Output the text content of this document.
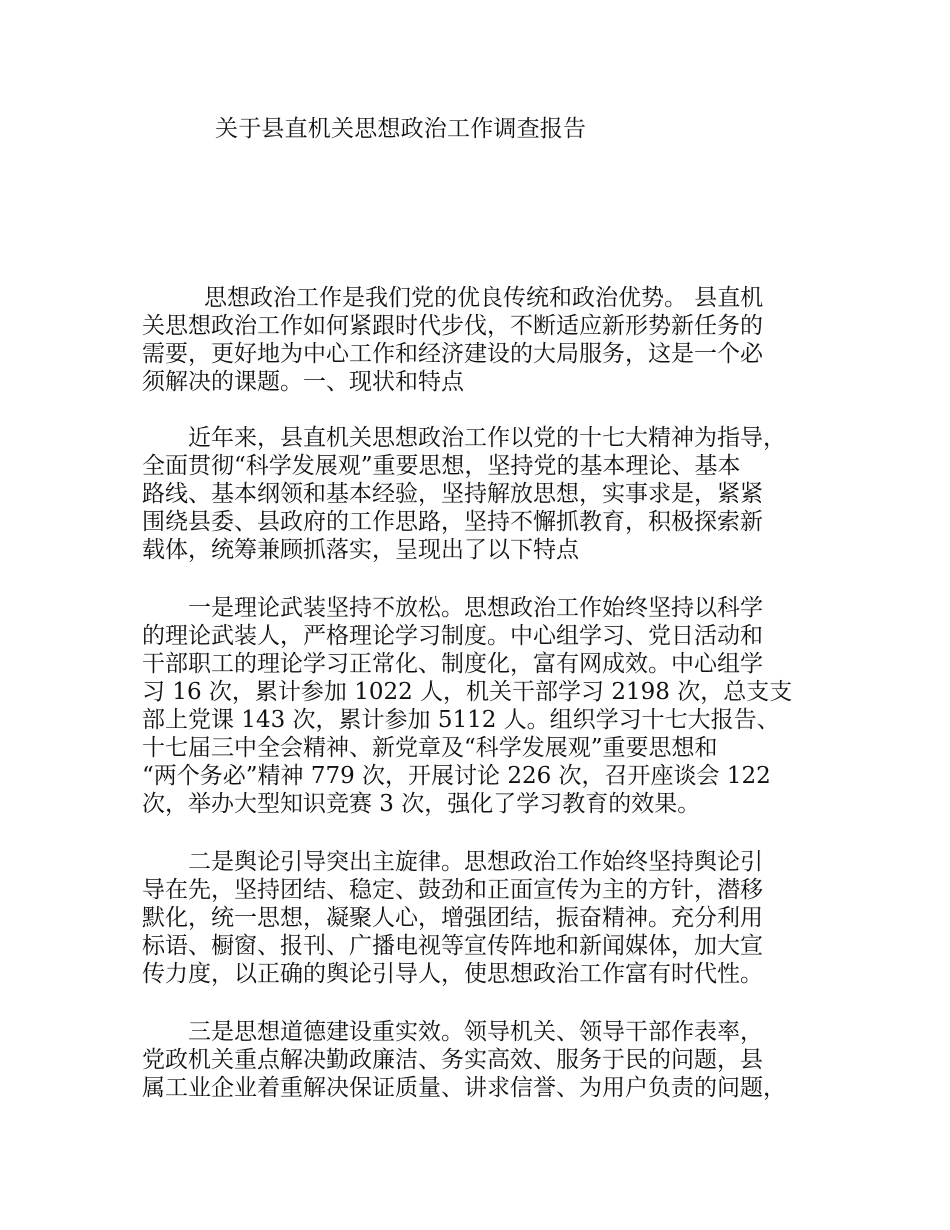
关于县直机关思想政治工作调查报告
思想政治工作是我们党的优良传统和政治优势。 县直机
关思想政治工作如何紧跟时代步伐，不断适应新形势新任务的
需要，更好地为中心工作和经济建设的大局服务，这是一个必
须解决的课题。一、现状和特点
近年来，县直机关思想政治工作以党的十七大精神为指导，
全面贯彻“科学发展观”重要思想，坚持党的基本理论、基本
路线、基本纲领和基本经验，坚持解放思想，实事求是，紧紧
围绕县委、县政府的工作思路，坚持不懈抓教育，积极探索新
载体，统筹兼顾抓落实，呈现出了以下特点
一是理论武装坚持不放松。思想政治工作始终坚持以科学
的理论武装人，严格理论学习制度。中心组学习、党日活动和
干部职工的理论学习正常化、制度化，富有网成效。中心组学
习 16 次，累计参加 1022 人，机关干部学习 2198 次，总支支
部上党课 143 次，累计参加 5112 人。组织学习十七大报告、
十七届三中全会精神、新党章及“科学发展观”重要思想和
“两个务必”精神 779 次，开展讨论 226 次，召开座谈会 122
次，举办大型知识竞赛 3 次，强化了学习教育的效果。
二是舆论引导突出主旋律。思想政治工作始终坚持舆论引
导在先，坚持团结、稳定、鼓劲和正面宣传为主的方针，潜移
默化，统一思想，凝聚人心，增强团结，振奋精神。充分利用
标语、橱窗、报刊、广播电视等宣传阵地和新闻媒体，加大宣
传力度，以正确的舆论引导人，使思想政治工作富有时代性。
三是思想道德建设重实效。领导机关、领导干部作表率，
党政机关重点解决勤政廉洁、务实高效、服务于民的问题，县
属工业企业着重解决保证质量、讲求信誉、为用户负责的问题，
